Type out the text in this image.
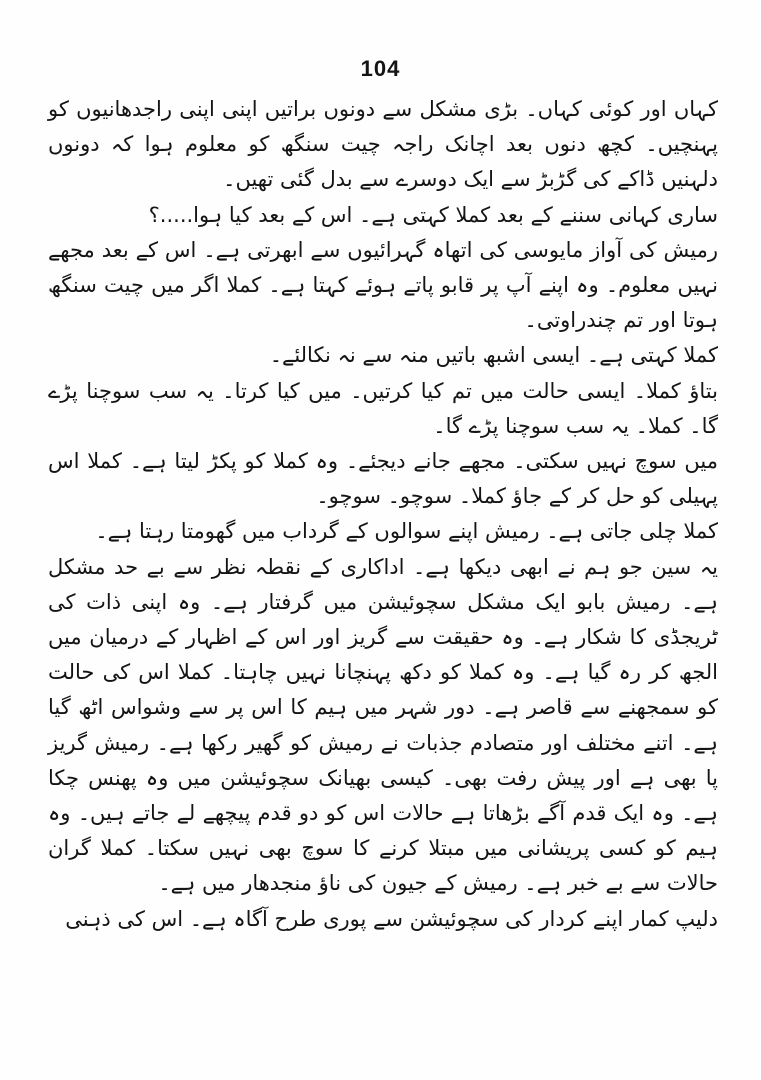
104

کہاں اور کوئی کہاں۔ بڑی مشکل سے دونوں براتیں اپنی اپنی راجدھانیوں کو پہنچیں۔ کچھ دنوں بعد اچانک راجہ چیت سنگھ کو معلوم ہوا کہ دونوں دلہنیں ڈاکے کی گڑبڑ سے ایک دوسرے سے بدل گئی تھیں۔

ساری کہانی سننے کے بعد کملا کہتی ہے۔ اس کے بعد کیا ہوا.....؟

رمیش کی آواز مایوسی کی اتھاہ گہرائیوں سے ابھرتی ہے۔ اس کے بعد مجھے نہیں معلوم۔ وہ اپنے آپ پر قابو پاتے ہوئے کہتا ہے۔ کملا اگر میں چیت سنگھ ہوتا اور تم چندراوتی۔

کملا کہتی ہے۔ ایسی اشبھ باتیں منہ سے نہ نکالئے۔

بتاؤ کملا۔ ایسی حالت میں تم کیا کرتیں۔ میں کیا کرتا۔ یہ سب سوچنا پڑے گا۔ کملا۔ یہ سب سوچنا پڑے گا۔

میں سوچ نہیں سکتی۔ مجھے جانے دیجئے۔ وہ کملا کو پکڑ لیتا ہے۔ کملا اس پہیلی کو حل کر کے جاؤ کملا۔ سوچو۔ سوچو۔

کملا چلی جاتی ہے۔ رمیش اپنے سوالوں کے گرداب میں گھومتا رہتا ہے۔

یہ سین جو ہم نے ابھی دیکھا ہے۔ اداکاری کے نقطہ نظر سے بے حد مشکل ہے۔ رمیش بابو ایک مشکل سچوئیشن میں گرفتار ہے۔ وہ اپنی ذات کی ٹریجڈی کا شکار ہے۔ وہ حقیقت سے گریز اور اس کے اظہار کے درمیان میں الجھ کر رہ گیا ہے۔ وہ کملا کو دکھ پہنچانا نہیں چاہتا۔ کملا اس کی حالت کو سمجھنے سے قاصر ہے۔ دور شہر میں ہیم کا اس پر سے وشواس اٹھ گیا ہے۔ اتنے مختلف اور متصادم جذبات نے رمیش کو گھیر رکھا ہے۔ رمیش گریز پا بھی ہے اور پیش رفت بھی۔ کیسی بھیانک سچوئیشن میں وہ پھنس چکا ہے۔ وہ ایک قدم آگے بڑھاتا ہے حالات اس کو دو قدم پیچھے لے جاتے ہیں۔ وہ ہیم کو کسی پریشانی میں مبتلا کرنے کا سوچ بھی نہیں سکتا۔ کملا گران حالات سے بے خبر ہے۔ رمیش کے جیون کی ناؤ منجدھار میں ہے۔

دلیپ کمار اپنے کردار کی سچوئیشن سے پوری طرح آگاہ ہے۔ اس کی ذہنی
